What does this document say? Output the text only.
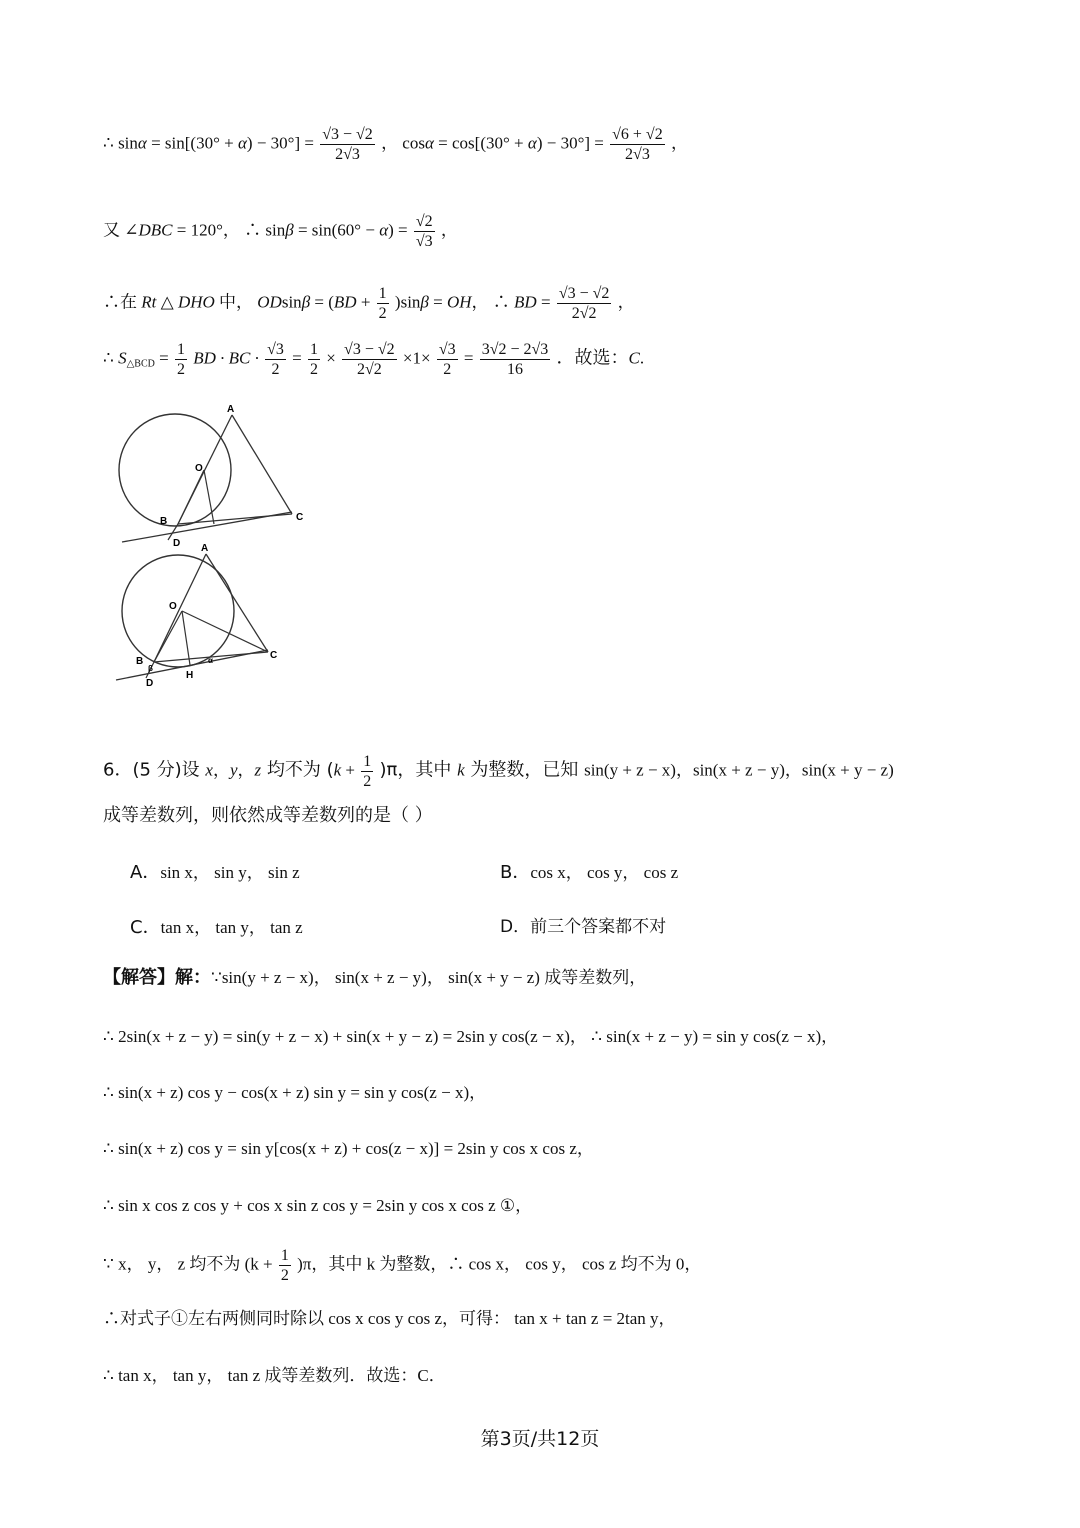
∴ $\sin\alpha = \sin[(30^\circ + \alpha) - 30^\circ] = \frac{√3 - √2}{2√3}$ ， $\cos\alpha = \cos[(30^\circ + \alpha) - 30^\circ] = \frac{√6 + √2}{2√3}$ ，
又 ∠DBC = 120°， ∴ $\sin\beta = \sin(60^\circ - \alpha) = \frac{√2}{√3}$ ，
∴在 Rt △ DHO 中， $ODsin\beta = (BD + \frac{1}{2} )\sin\beta$ = OH， ∴ BD = $\frac{√3 - √2}{2√2}$ ，
∴ $S_{\triangle BCD} = \frac{1}{2}$ BD · BC · $\frac{√3}{2} = \frac{1}{2} \times \frac{√3 - √2}{2√2} \times 1\times \frac{√3}{2} = \frac{3√2 - 2√3}{16}$ ．故选：C.
A
O
B	C
D A
O
B
C
D
H
β
α
6．(5 分)设 x，y，z 均不为 $(k + \frac{1}{2} )\pi$，其中 k 为整数，已知 sin(y + z − x)，sin(x + z − y)，sin(x + y − z)
成等差数列，则依然成等差数列的是（ ）
A．sin x， sin y， sin z	B．cos x， cos y， cos z
C．tan x， tan y， tan z	D．前三个答案都不对
【解答】解：∵sin(y + z − x)， sin(x + z − y)， sin(x + y − z) 成等差数列，
∴ 2sin(x + z − y) = sin(y + z − x) + sin(x + y − z) = 2sin y cos(z − x)， ∴ sin(x + z − y) = sin y cos(z − x)，
∴ sin(x + z) cos y − cos(x + z) sin y = sin y cos(z − x)，
∴ sin(x + z) cos y = sin y[cos(x + z) + cos(z − x)] = 2sin y cos x cos z，
∴ sin x cos z cos y + cos x sin z cos y = 2sin y cos x cos z ①，
∵ x， y， z 均不为 $(k + \frac{1}{2} )\pi$，其中 k 为整数，∴ cos x， cos y， cos z 均不为 0，
∴对式子①左右两侧同时除以 cos x cos y cos z，可得： tan x + tan z = 2tan y，
∴ tan x， tan y， tan z 成等差数列．故选：C．
第3页/共12页
